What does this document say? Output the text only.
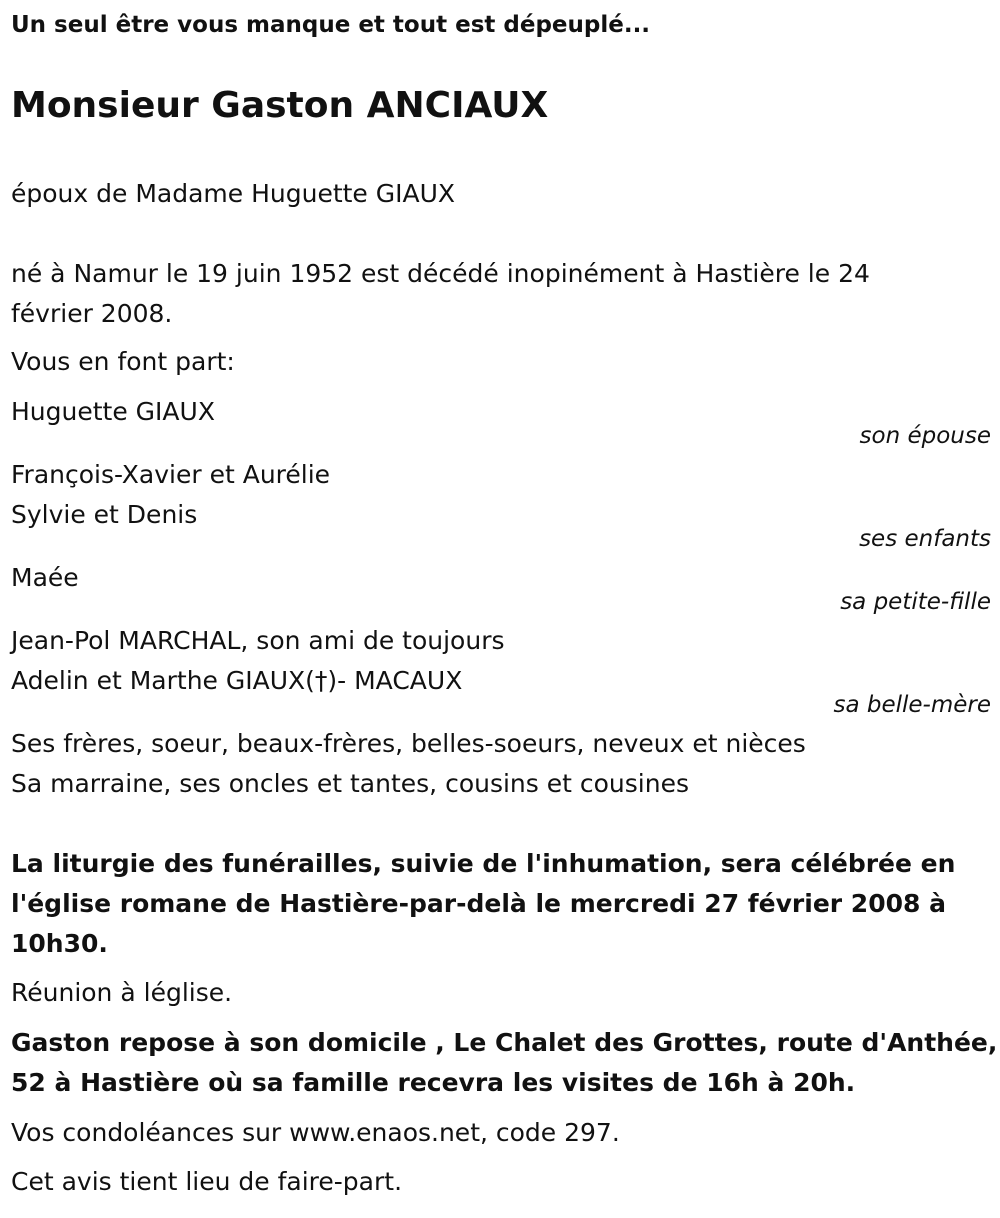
Un seul être vous manque et tout est dépeuplé...
Monsieur Gaston ANCIAUX
époux de Madame Huguette GIAUX
né à Namur le 19 juin 1952 est décédé inopinément à Hastière le 24
février 2008.
Vous en font part:
Huguette GIAUX
son épouse
François-Xavier et Aurélie
Sylvie et Denis
ses enfants
Maée
sa petite-fille
Jean-Pol MARCHAL, son ami de toujours
Adelin et Marthe GIAUX(†)- MACAUX
sa belle-mère
Ses frères, soeur, beaux-frères, belles-soeurs, neveux et nièces
Sa marraine, ses oncles et tantes, cousins et cousines
La liturgie des funérailles, suivie de l'inhumation, sera célébrée en
l'église romane de Hastière-par-delà le mercredi 27 février 2008 à
10h30.
Réunion à léglise.
Gaston repose à son domicile , Le Chalet des Grottes, route d'Anthée,
52 à Hastière où sa famille recevra les visites de 16h à 20h.
Vos condoléances sur www.enaos.net, code 297.
Cet avis tient lieu de faire-part.
